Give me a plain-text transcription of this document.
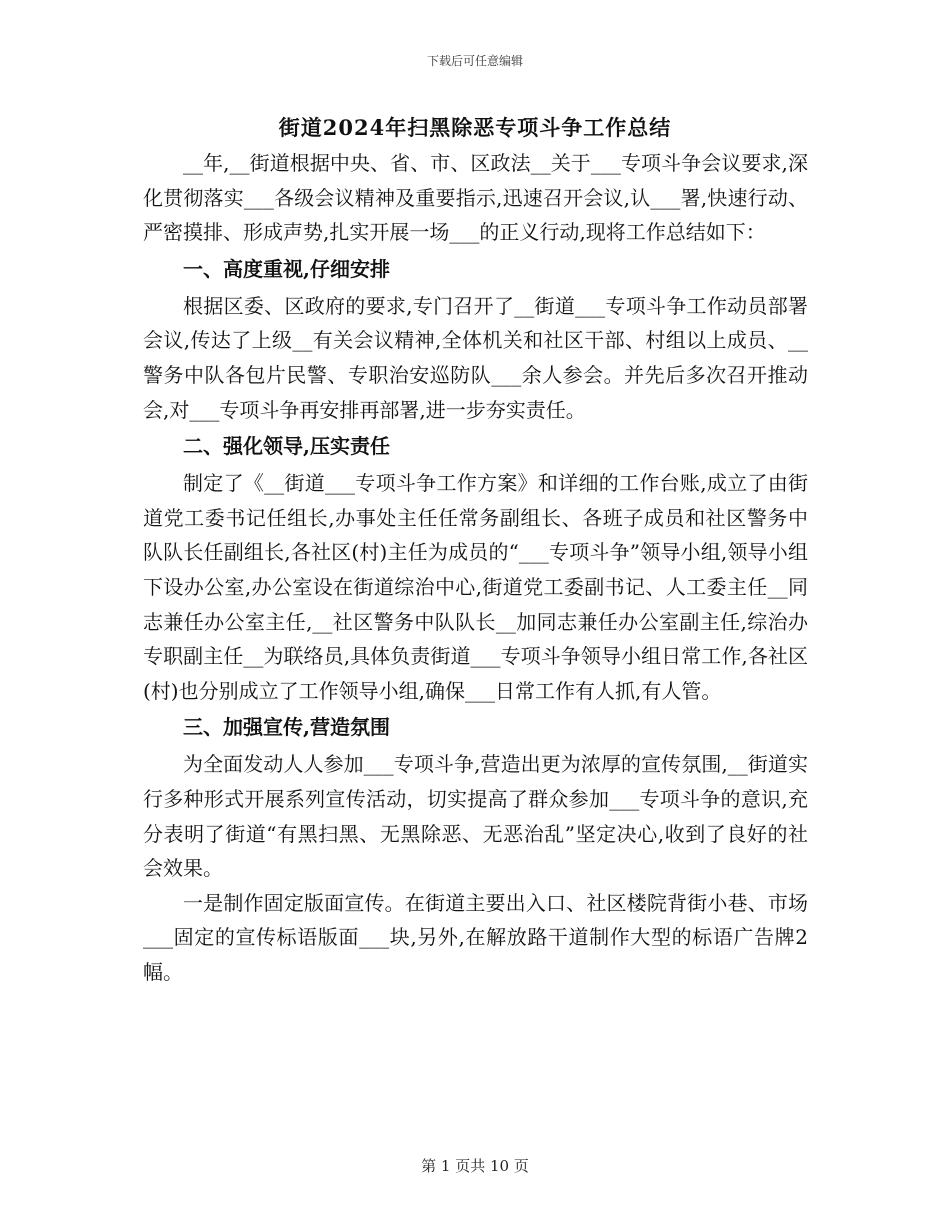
下载后可任意编辑
街道2024年扫黑除恶专项斗争工作总结

__年,__街道根据中央、省、市、区政法__关于___专项斗争会议要求,深化贯彻落实___各级会议精神及重要指示,迅速召开会议,认___署,快速行动、严密摸排、形成声势,扎实开展一场___的正义行动,现将工作总结如下：

一、高度重视,仔细安排

根据区委、区政府的要求,专门召开了__街道___专项斗争工作动员部署会议,传达了上级__有关会议精神,全体机关和社区干部、村组以上成员、__警务中队各包片民警、专职治安巡防队___余人参会。并先后多次召开推动会,对___专项斗争再安排再部署,进一步夯实责任。

二、强化领导,压实责任

制定了《__街道___专项斗争工作方案》和详细的工作台账,成立了由街道党工委书记任组长,办事处主任任常务副组长、各班子成员和社区警务中队队长任副组长,各社区(村)主任为成员的“___专项斗争”领导小组,领导小组下设办公室,办公室设在街道综治中心,街道党工委副书记、人工委主任__同志兼任办公室主任,__社区警务中队队长__加同志兼任办公室副主任,综治办专职副主任__为联络员,具体负责街道___专项斗争领导小组日常工作,各社区(村)也分别成立了工作领导小组,确保___日常工作有人抓,有人管。

三、加强宣传,营造氛围

为全面发动人人参加___专项斗争,营造出更为浓厚的宣传氛围,__街道实行多种形式开展系列宣传活动，切实提高了群众参加___专项斗争的意识,充分表明了街道“有黑扫黑、无黑除恶、无恶治乱”坚定决心,收到了良好的社会效果。

一是制作固定版面宣传。在街道主要出入口、社区楼院背街小巷、市场___固定的宣传标语版面___块,另外,在解放路干道制作大型的标语广告牌2幅。

第 1 页共 10 页
